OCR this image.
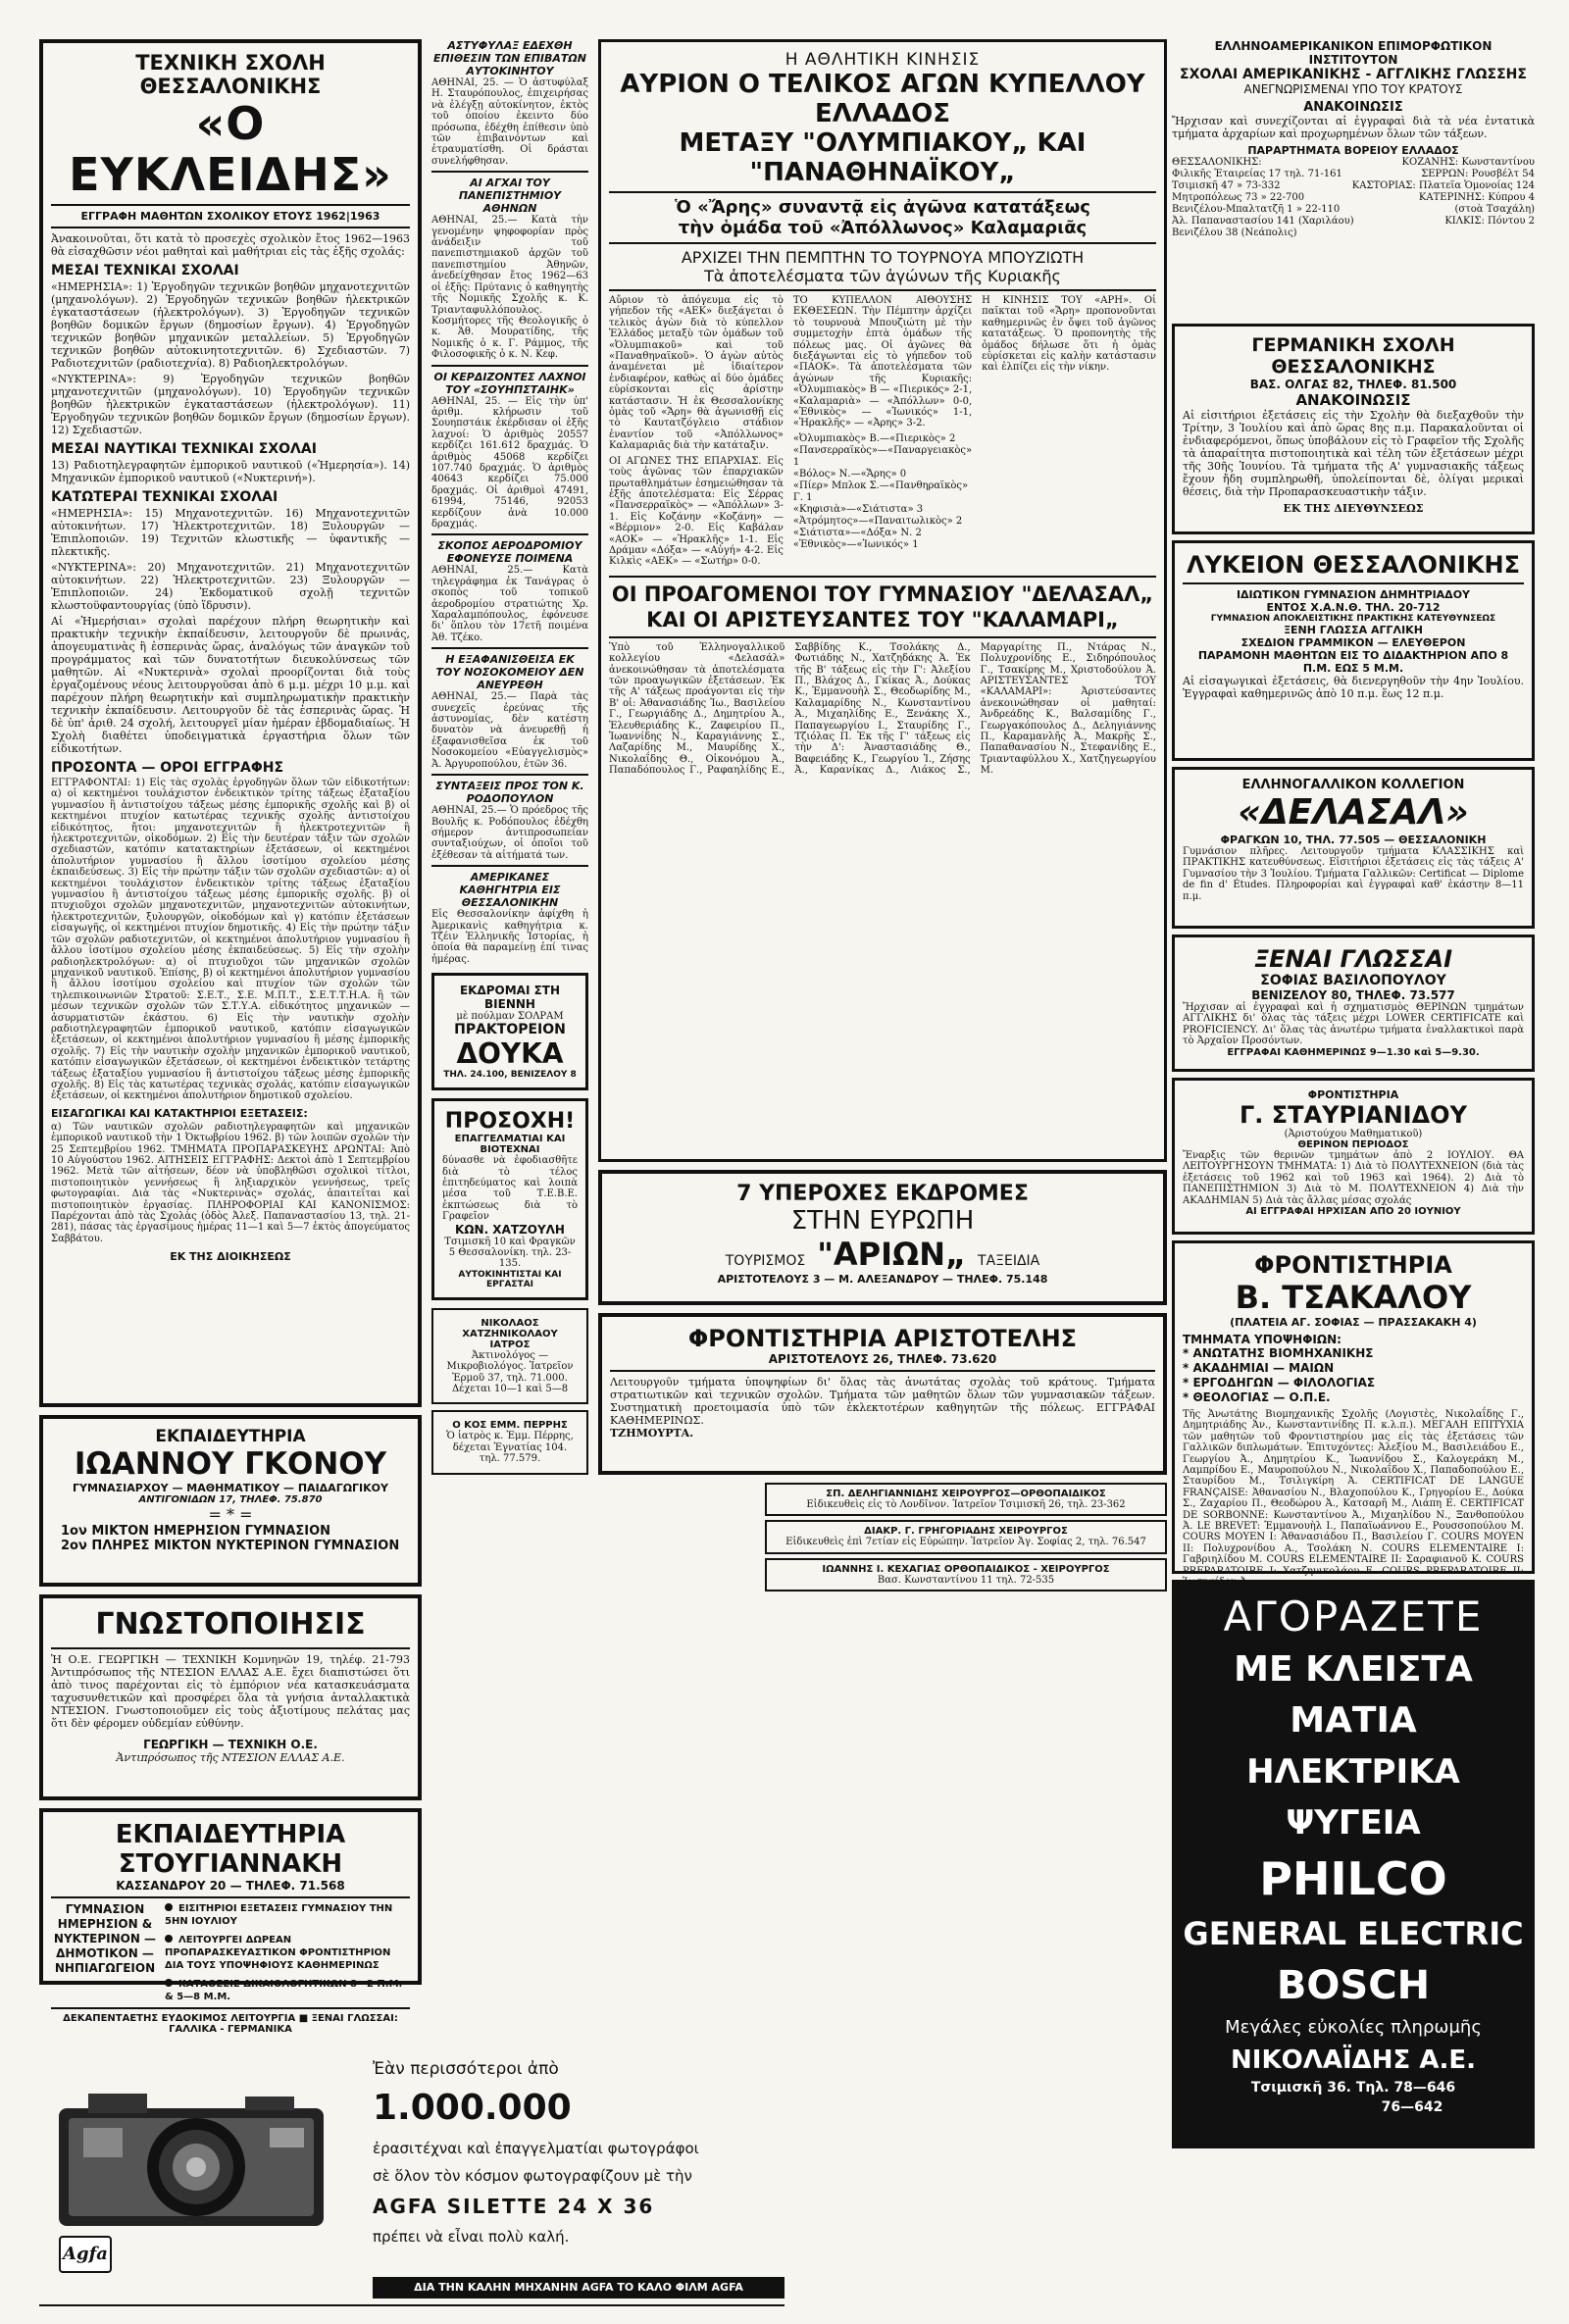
ΤΕΧΝΙΚΗ ΣΧΟΛΗ ΘΕΣΣΑΛΟΝΙΚΗΣ
«Ο ΕΥΚΛΕΙΔΗΣ»
ΕΓΓΡΑΦΗ ΜΑΘΗΤΩΝ ΣΧΟΛΙΚΟΥ ΕΤΟΥΣ 1962|1963
Ἀνακοινοῦται, ὅτι κατὰ τὸ προσεχὲς σχολικὸν ἔτος 1962—1963 θὰ εἰσαχθῶσιν νέοι μαθηταὶ καὶ μαθήτριαι εἰς τὰς ἑξῆς σχολάς:
ΜΕΣΑΙ ΤΕΧΝΙΚΑΙ ΣΧΟΛΑΙ
«ΗΜΕΡΗΣΙΑ»: 1) Ἐργοδηγῶν τεχνικῶν βοηθῶν μηχανοτεχνιτῶν (μηχανολόγων). 2) Ἐργοδηγῶν τεχνικῶν βοηθῶν ἠλεκτρικῶν ἐγκαταστάσεων (ἠλεκτρολόγων). 3) Ἐργοδηγῶν τεχνικῶν βοηθῶν δομικῶν ἔργων (δημοσίων ἔργων). 4) Ἐργοδηγῶν τεχνικῶν βοηθῶν μηχανικῶν μεταλλείων. 5) Ἐργοδηγῶν τεχνικῶν βοηθῶν αὐτοκινητοτεχνιτῶν. 6) Σχεδιαστῶν. 7) Ραδιοτεχνιτῶν (ραδιοτεχνία). 8) Ραδιοηλεκτρολόγων.
«ΝΥΚΤΕΡΙΝΑ»: 9) Ἐργοδηγῶν τεχνικῶν βοηθῶν μηχανοτεχνιτῶν (μηχανολόγων). 10) Ἐργοδηγῶν τεχνικῶν βοηθῶν ἠλεκτρικῶν ἐγκαταστάσεων (ἠλεκτρολόγων). 11) Ἐργοδηγῶν τεχνικῶν βοηθῶν δομικῶν ἔργων (δημοσίων ἔργων). 12) Σχεδιαστῶν.
ΜΕΣΑΙ ΝΑΥΤΙΚΑΙ ΤΕΧΝΙΚΑΙ ΣΧΟΛΑΙ
13) Ραδιοτηλεγραφητῶν ἐμπορικοῦ ναυτικοῦ («Ἡμερησία»). 14) Μηχανικῶν ἐμπορικοῦ ναυτικοῦ («Νυκτερινή»).
ΚΑΤΩΤΕΡΑΙ ΤΕΧΝΙΚΑΙ ΣΧΟΛΑΙ
«ΗΜΕΡΗΣΙΑ»: 15) Μηχανοτεχνιτῶν. 16) Μηχανοτεχνιτῶν αὐτοκινήτων. 17) Ἠλεκτροτεχνιτῶν. 18) Ξυλουργῶν — Ἐπιπλοποιῶν. 19) Τεχνιτῶν κλωστικῆς — ὑφαντικῆς — πλεκτικῆς.
«ΝΥΚΤΕΡΙΝΑ»: 20) Μηχανοτεχνιτῶν. 21) Μηχανοτεχνιτῶν αὐτοκινήτων. 22) Ἠλεκτροτεχνιτῶν. 23) Ξυλουργῶν — Ἐπιπλοποιῶν. 24) Ἐκδοματικοῦ σχολῇ τεχνιτῶν κλωστοϋφαντουργίας (ὑπὸ ἵδρυσιν).
Αἱ «Ἡμερήσιαι» σχολαὶ παρέχουν πλήρη θεωρητικὴν καὶ πρακτικὴν τεχνικὴν ἐκπαίδευσιν, λειτουργοῦν δὲ πρωινάς, ἀπογευματινὰς ἢ ἑσπερινὰς ὥρας, ἀναλόγως τῶν ἀναγκῶν τοῦ προγράμματος καὶ τῶν δυνατοτήτων διευκολύνσεως τῶν μαθητῶν. Αἱ «Νυκτερινὰ» σχολαὶ προορίζονται διὰ τοὺς ἐργαζομένους νέους λειτουργοῦσαι ἀπὸ 6 μ.μ. μέχρι 10 μ.μ. καὶ παρέχουν πλήρη θεωρητικὴν καὶ συμπληρωματικὴν πρακτικὴν τεχνικὴν ἐκπαίδευσιν. Λειτουργοῦν δὲ τὰς ἑσπερινὰς ὥρας. Ἡ δὲ ὑπ' ἀριθ. 24 σχολή, λειτουργεῖ μίαν ἡμέραν ἑβδομαδιαίως. Ἡ Σχολὴ διαθέτει ὑποδειγματικὰ ἐργαστήρια ὅλων τῶν εἰδικοτήτων.
ΠΡΟΣΟΝΤΑ — ΟΡΟΙ ΕΓΓΡΑΦΗΣ
ΕΓΓΡΑΦΟΝΤΑΙ: 1) Εἰς τὰς σχολὰς ἐργοδηγῶν ὅλων τῶν εἰδικοτήτων: α) οἱ κεκτημένοι τουλάχιστον ἐνδεικτικὸν τρίτης τάξεως ἑξαταξίου γυμνασίου ἢ ἀντιστοίχου τάξεως μέσης ἐμπορικῆς σχολῆς καὶ β) οἱ κεκτημένοι πτυχίον κατωτέρας τεχνικῆς σχολῆς ἀντιστοίχου εἰδικότητος, ἤτοι: μηχανοτεχνιτῶν ἢ ἠλεκτροτεχνιτῶν ἢ ἠλεκτροτεχνιτῶν, οἰκοδόμων. 2) Εἰς τὴν δευτέραν τάξιν τῶν σχολῶν σχεδιαστῶν, κατόπιν κατατακτηρίων ἐξετάσεων, οἱ κεκτημένοι ἀπολυτήριον γυμνασίου ἢ ἄλλου ἰσοτίμου σχολείου μέσης ἐκπαιδεύσεως. 3) Εἰς τὴν πρώτην τάξιν τῶν σχολῶν σχεδιαστῶν: α) οἱ κεκτημένοι τουλάχιστον ἐνδεικτικὸν τρίτης τάξεως ἑξαταξίου γυμνασίου ἢ ἀντιστοίχου τάξεως μέσης ἐμπορικῆς σχολῆς. β) οἱ πτυχιοῦχοι σχολῶν μηχανοτεχνιτῶν, μηχανοτεχνιτῶν αὐτοκινήτων, ἠλεκτροτεχνιτῶν, ξυλουργῶν, οἰκοδόμων καὶ γ) κατόπιν ἐξετάσεων εἰσαγωγῆς, οἱ κεκτημένοι πτυχίον δημοτικῆς. 4) Εἰς τὴν πρώτην τάξιν τῶν σχολῶν ραδιοτεχνιτῶν, οἱ κεκτημένοι ἀπολυτήριον γυμνασίου ἢ ἄλλου ἰσοτίμου σχολείου μέσης ἐκπαιδεύσεως. 5) Εἰς τὴν σχολὴν ραδιοηλεκτρολόγων: α) οἱ πτυχιοῦχοι τῶν μηχανικῶν σχολῶν μηχανικοῦ ναυτικοῦ. Ἐπίσης, β) οἱ κεκτημένοι ἀπολυτήριον γυμνασίου ἢ ἄλλου ἰσοτίμου σχολείου καὶ πτυχίον τῶν σχολῶν τῶν τηλεπικοινωνιῶν Στρατοῦ: Σ.Ε.Τ., Σ.Ε. Μ.Π.Τ., Σ.Ε.Τ.Τ.Η.Α. ἢ τῶν μέσων τεχνικῶν σχολῶν τῶν Σ.Τ.Υ.Α. εἰδικότητος μηχανικῶν — ἀσυρματιστῶν ἐκάστου. 6) Εἰς τὴν ναυτικὴν σχολὴν ραδιοτηλεγραφητῶν ἐμπορικοῦ ναυτικοῦ, κατόπιν εἰσαγωγικῶν ἐξετάσεων, οἱ κεκτημένοι ἀπολυτήριον γυμνασίου ἢ μέσης ἐμπορικῆς σχολῆς. 7) Εἰς τὴν ναυτικὴν σχολὴν μηχανικῶν ἐμπορικοῦ ναυτικοῦ, κατόπιν εἰσαγωγικῶν ἐξετάσεων, οἱ κεκτημένοι ἐνδεικτικὸν τετάρτης τάξεως ἑξαταξίου γυμνασίου ἢ ἀντιστοίχου τάξεως μέσης ἐμπορικῆς σχολῆς. 8) Εἰς τὰς κατωτέρας τεχνικὰς σχολάς, κατόπιν εἰσαγωγικῶν ἐξετάσεων, οἱ κεκτημένοι ἀπολυτήριον δημοτικοῦ σχολείου.
ΕΙΣΑΓΩΓΙΚΑΙ ΚΑΙ ΚΑΤΑΚΤΗΡΙΟΙ ΕΞΕΤΑΣΕΙΣ:
α) Τῶν ναυτικῶν σχολῶν ραδιοτηλεγραφητῶν καὶ μηχανικῶν ἐμπορικοῦ ναυτικοῦ τὴν 1 Ὀκτωβρίου 1962. β) τῶν λοιπῶν σχολῶν τὴν 25 Σεπτεμβρίου 1962. ΤΜΗΜΑΤΑ ΠΡΟΠΑΡΑΣΚΕΥΗΣ ΔΡΩΝΤΑΙ: Ἀπὸ 10 Αὐγούστου 1962. ΑΙΤΗΣΕΙΣ ΕΓΓΡΑΦΗΣ: Δεκτοὶ ἀπὸ 1 Σεπτεμβρίου 1962. Μετὰ τῶν αἰτήσεων, δέον νὰ ὑποβληθῶσι σχολικοὶ τίτλοι, πιστοποιητικὸν γεννήσεως ἢ ληξιαρχικὸν γεννήσεως, τρεῖς φωτογραφίαι. Διὰ τὰς «Νυκτερινὰς» σχολάς, ἀπαιτεῖται καὶ πιστοποιητικὸν ἐργασίας. ΠΛΗΡΟΦΟΡΙΑΙ ΚΑΙ ΚΑΝΟΝΙΣΜΟΣ: Παρέχονται ἀπὸ τὰς Σχολὰς (ὁδὸς Ἀλεξ. Παπαναστασίου 13, τηλ. 21-281), πάσας τὰς ἐργασίμους ἡμέρας 11—1 καὶ 5—7 ἐκτὸς ἀπογεύματος Σαββάτου.
ΕΚ ΤΗΣ ΔΙΟΙΚΗΣΕΩΣ
ΕΚΠΑΙΔΕΥΤΗΡΙΑ
ΙΩΑΝΝΟΥ ΓΚΟΝΟΥ
ΓΥΜΝΑΣΙΑΡΧΟΥ — ΜΑΘΗΜΑΤΙΚΟΥ — ΠΑΙΔΑΓΩΓΙΚΟΥ
ΑΝΤΙΓΟΝΙΔΩΝ 17, ΤΗΛΕΦ. 75.870
= * =
1ον ΜΙΚΤΟΝ ΗΜΕΡΗΣΙΟΝ ΓΥΜΝΑΣΙΟΝ
2ον ΠΛΗΡΕΣ ΜΙΚΤΟΝ ΝΥΚΤΕΡΙΝΟΝ ΓΥΜΝΑΣΙΟΝ
ΓΝΩΣΤΟΠΟΙΗΣΙΣ
Ἡ Ο.Ε. ΓΕΩΡΓΙΚΗ — ΤΕΧΝΙΚΗ Κομνηνῶν 19, τηλέφ. 21-793 Ἀντιπρόσωπος τῆς ΝΤΕΣΙΟΝ ΕΛΛΑΣ Α.Ε. ἔχει διαπιστώσει ὅτι ἀπὸ τινος παρέχονται εἰς τὸ ἐμπόριον νέα κατασκευάσματα ταχυσυνθετικῶν καὶ προσφέρει ὅλα τὰ γνήσια ἀνταλλακτικὰ ΝΤΕΣΙΟΝ. Γνωστοποιοῦμεν εἰς τοὺς ἀξιοτίμους πελάτας μας ὅτι δὲν φέρομεν οὐδεμίαν εὐθύνην.
ΓΕΩΡΓΙΚΗ — ΤΕΧΝΙΚΗ Ο.Ε.
Ἀντιπρόσωπος τῆς ΝΤΕΣΙΟΝ ΕΛΛΑΣ Α.Ε.
ΕΚΠΑΙΔΕΥΤΗΡΙΑ ΣΤΟΥΓΙΑΝΝΑΚΗ
ΚΑΣΣΑΝΔΡΟΥ 20 — ΤΗΛΕΦ. 71.568
ΓΥΜΝΑΣΙΟΝ ΗΜΕΡΗΣΙΟΝ & ΝΥΚΤΕΡΙΝΟΝ — ΔΗΜΟΤΙΚΟΝ — ΝΗΠΙΑΓΩΓΕΙΟΝ
ΕΙΣΙΤΗΡΙΟΙ ΕΞΕΤΑΣΕΙΣ ΓΥΜΝΑΣΙΟΥ ΤΗΝ 5ΗΝ ΙΟΥΛΙΟΥ
ΛΕΙΤΟΥΡΓΕΙ ΔΩΡΕΑΝ ΠΡΟΠΑΡΑΣΚΕΥΑΣΤΙΚΟΝ ΦΡΟΝΤΙΣΤΗΡΙΟΝ ΔΙΑ ΤΟΥΣ ΥΠΟΨΗΦΙΟΥΣ ΚΑΘΗΜΕΡΙΝΩΣ
ΚΑΤΑΘΕΣΙΣ ΔΙΚΑΙΟΛΟΓΗΤΙΚΩΝ 8—2 Π.Μ. & 5—8 Μ.Μ.
ΔΕΚΑΠΕΝΤΑΕΤΗΣ ΕΥΔΟΚΙΜΟΣ ΛΕΙΤΟΥΡΓΙΑ ■ ΞΕΝΑΙ ΓΛΩΣΣΑΙ: ΓΑΛΛΙΚΑ - ΓΕΡΜΑΝΙΚΑ
ΑΣΤΥΦΥΛΑΞ ΕΔΕΧΘΗ ΕΠΙΘΕΣΙΝ ΤΩΝ ΕΠΙΒΑΤΩΝ ΑΥΤΟΚΙΝΗΤΟΥ
ΑΘΗΝΑΙ, 25. — Ὁ ἀστυφύλαξ Η. Σταυρόπουλος, ἐπιχειρήσας νὰ ἐλέγξῃ αὐτοκίνητον, ἐκτὸς τοῦ ὁποίου ἐκειντο δύο πρόσωπα, ἐδέχθη ἐπίθεσιν ὑπὸ τῶν ἐπιβαινόντων καὶ ἐτραυματίσθη. Οἱ δράσται συνελήφθησαν.
ΑΙ ΑΓΧΑΙ ΤΟΥ ΠΑΝΕΠΙΣΤΗΜΙΟΥ ΑΘΗΝΩΝ
ΑΘΗΝΑΙ, 25.— Κατὰ τὴν γενομένην ψηφοφορίαν πρὸς ἀνάδειξιν τοῦ πανεπιστημιακοῦ ἀρχῶν τοῦ πανεπιστημίου Ἀθηνῶν, ἀνεδείχθησαν ἔτος 1962—63 οἱ ἑξῆς: Πρύτανις ὁ καθηγητὴς τῆς Νομικῆς Σχολῆς κ. Κ. Τριανταφυλλόπουλος. Κοσμήτορες τῆς Θεολογικῆς ὁ κ. Ἀθ. Μουρατίδης, τῆς Νομικῆς ὁ κ. Γ. Ράμμος, τῆς Φιλοσοφικῆς ὁ κ. Ν. Κεφ.
ΟΙ ΚΕΡΔΙΖΟΝΤΕΣ ΛΑΧΝΟΙ ΤΟΥ «ΣΟΥΗΠΣΤΑΙΗΚ»
ΑΘΗΝΑΙ, 25. — Εἰς τὴν ὑπ' ἀριθμ. κλήρωσιν τοῦ Σουηπστάικ ἐκέρδισαν οἱ ἑξῆς λαχνοί: Ὁ ἀριθμὸς 20557 κερδίζει 161.612 δραχμάς. Ὁ ἀριθμὸς 45068 κερδίζει 107.740 δραχμάς. Ὁ ἀριθμὸς 40643 κερδίζει 75.000 δραχμάς. Οἱ ἀριθμοὶ 47491, 61994, 75146, 92053 κερδίζουν ἀνὰ 10.000 δραχμάς.
ΣΚΟΠΟΣ ΑΕΡΟΔΡΟΜΙΟΥ ΕΦΟΝΕΥΣΕ ΠΟΙΜΕΝΑ
ΑΘΗΝΑΙ, 25.— Κατὰ τηλεγράφημα ἐκ Τανάγρας ὁ σκοπὸς τοῦ τοπικοῦ ἀεροδρομίου στρατιώτης Χρ. Χαραλαμπόπουλος, ἐφόνευσε δι' ὅπλου τὸν 17ετῆ ποιμένα Ἀθ. Τζέκο.
Η ΕΞΑΦΑΝΙΣΘΕΙΣΑ ΕΚ ΤΟΥ ΝΟΣΟΚΟΜΕΙΟΥ ΔΕΝ ΑΝΕΥΡΕΘΗ
ΑΘΗΝΑΙ, 25.— Παρὰ τὰς συνεχεῖς ἐρεύνας τῆς ἀστυνομίας, δὲν κατέστη δυνατὸν νὰ ἀνευρεθῇ ἡ ἐξαφανισθεῖσα ἐκ τοῦ Νοσοκομείου «Εὐαγγελισμὸς» Ἀ. Ἀργυροπούλου, ἐτῶν 36.
ΣΥΝΤΑΞΕΙΣ ΠΡΟΣ ΤΟΝ Κ. ΡΟΔΟΠΟΥΛΟΝ
ΑΘΗΝΑΙ, 25.— Ὁ πρόεδρος τῆς Βουλῆς κ. Ροδόπουλος ἐδέχθη σήμερον ἀντιπροσωπείαν συνταξιούχων, οἱ ὁποῖοι τοῦ ἐξέθεσαν τὰ αἰτήματά των.
ΑΜΕΡΙΚΑΝΕΣ ΚΑΘΗΓΗΤΡΙΑ ΕΙΣ ΘΕΣΣΑΛΟΝΙΚΗΝ
Εἰς Θεσσαλονίκην ἀφίχθη ἡ Ἀμερικανὶς καθηγήτρια κ. Τζέιν Ἑλληνικῆς Ἱστορίας, ἡ ὁποία θὰ παραμείνῃ ἐπί τινας ἡμέρας.
ΕΚΔΡΟΜΑΙ ΣΤΗ ΒΙΕΝΝΗ
μὲ πούλμαν ΣΟΛΡΑΜ
ΠΡΑΚΤΟΡΕΙΟΝ
ΔΟΥΚΑ
ΤΗΛ. 24.100, ΒΕΝΙΖΕΛΟΥ 8
ΠΡΟΣΟΧΗ!
ΕΠΑΓΓΕΛΜΑΤΙΑΙ ΚΑΙ ΒΙΟΤΕΧΝΑΙ
δύνασθε νὰ ἐφοδιασθῆτε διὰ τὸ τέλος ἐπιτηδεύματος καὶ λοιπὰ μέσα τοῦ Τ.Ε.Β.Ε. ἐκπτώσεως διὰ τὸ Γραφεῖον
ΚΩΝ. ΧΑΤΖΟΥΛΗ
Τσιμισκῆ 10 καὶ Φραγκῶν 5 Θεσσαλονίκη. τηλ. 23-135.
ΑΥΤΟΚΙΝΗΤΙΣΤΑΙ ΚΑΙ ΕΡΓΑΣΤΑΙ
ΝΙΚΟΛΑΟΣ ΧΑΤΖΗΝΙΚΟΛΑΟΥ ΙΑΤΡΟΣ
Ἀκτινολόγος — Μικροβιολόγος. Ἰατρεῖον Ἑρμοῦ 37, τηλ. 71.000. Δέχεται 10—1 καὶ 5—8
Ο ΚΟΣ ΕΜΜ. ΠΕΡΡΗΣ
Ὁ ἰατρὸς κ. Ἐμμ. Πέρρης, δέχεται Ἐγνατίας 104. τηλ. 77.579.
Η ΑΘΛΗΤΙΚΗ ΚΙΝΗΣΙΣ
ΑΥΡΙΟΝ Ο ΤΕΛΙΚΟΣ ΑΓΩΝ ΚΥΠΕΛΛΟΥ ΕΛΛΑΔΟΣ
ΜΕΤΑΞΥ "ΟΛΥΜΠΙΑΚΟΥ„ ΚΑΙ "ΠΑΝΑΘΗΝΑΪΚΟΥ„
Ὁ «Ἄρης» συναντᾷ εἰς ἀγῶνα κατατάξεως
τὴν ὁμάδα τοῦ «Ἀπόλλωνος» Καλαμαριᾶς
ΑΡΧΙΖΕΙ ΤΗΝ ΠΕΜΠΤΗΝ ΤΟ ΤΟΥΡΝΟΥΑ ΜΠΟΥΖΙΩΤΗ
Τὰ ἀποτελέσματα τῶν ἀγώνων τῆς Κυριακῆς
Αὔριον τὸ ἀπόγευμα εἰς τὸ γήπεδον τῆς «ΑΕΚ» διεξάγεται ὁ τελικὸς ἀγὼν διὰ τὸ κύπελλον Ἑλλάδος μεταξὺ τῶν ὁμάδων τοῦ «Ὀλυμπιακοῦ» καὶ τοῦ «Παναθηναϊκοῦ». Ὁ ἀγὼν αὐτὸς ἀναμένεται μὲ ἰδιαίτερον ἐνδιαφέρον, καθὼς αἱ δύο ὁμάδες εὑρίσκονται εἰς ἀρίστην κατάστασιν. Ἡ ἐκ Θεσσαλονίκης ὁμὰς τοῦ «Ἄρη» θὰ ἀγωνισθῇ εἰς τὸ Καυτατζόγλειο στάδιον ἐναντίον τοῦ «Ἀπόλλωνος» Καλαμαριᾶς διὰ τὴν κατάταξιν.
ΟΙ ΑΓΩΝΕΣ ΤΗΣ ΕΠΑΡΧΙΑΣ. Εἰς τοὺς ἀγῶνας τῶν ἐπαρχιακῶν πρωταθλημάτων ἐσημειώθησαν τὰ ἑξῆς ἀποτελέσματα: Εἰς Σέρρας «Πανσερραϊκὸς» — «Ἀπόλλων» 3-1. Εἰς Κοζάνην «Κοζάνη» — «Βέρμιον» 2-0. Εἰς Καβάλαν «ΑΟΚ» — «Ἡρακλῆς» 1-1. Εἰς Δράμαν «Δόξα» — «Αὐγή» 4-2. Εἰς Κιλκὶς «ΑΕΚ» — «Σωτήρ» 0-0.
ΤΟ ΚΥΠΕΛΛΟΝ ΑΙΘΟΥΣΗΣ ΕΚΘΕΣΕΩΝ. Τὴν Πέμπτην ἀρχίζει τὸ τουρνουὰ Μπουζιώτη μὲ τὴν συμμετοχὴν ἑπτὰ ὁμάδων τῆς πόλεως μας. Οἱ ἀγῶνες θὰ διεξάγωνται εἰς τὸ γήπεδον τοῦ «ΠΑΟΚ». Τὰ ἀποτελέσματα τῶν ἀγώνων τῆς Κυριακῆς: «Ὀλυμπιακὸς» Β — «Πιερικός» 2-1, «Καλαμαριὰ» — «Ἀπόλλων» 0-0, «Ἐθνικὸς» — «Ἰωνικός» 1-1, «Ἡρακλῆς» — «Ἀρης» 3-2.
«Ὀλυμπιακὸς» Β.—«Πιερικὸς» 2
«Πανσερραϊκὸς»—«Παναργειακὸς» 1
«Βόλος» Ν.—«Ἄρης» 0
«Πίερ» Μπλοκ Σ.—«Πανθηραϊκὸς» Γ. 1
«Κηφισιὰ»—«Σιάτιστα» 3
«Ἀτρόμητος»—«Παναιτωλικὸς» 2
«Σιάτιστα»—«Δόξα» Ν. 2
«Ἐθνικὸς»—«Ἰωνικός» 1
Η ΚΙΝΗΣΙΣ ΤΟΥ «ΑΡΗ». Οἱ παῖκται τοῦ «Ἄρη» προπονοῦνται καθημερινῶς ἐν ὄψει τοῦ ἀγῶνος κατατάξεως. Ὁ προπονητὴς τῆς ὁμάδος δήλωσε ὅτι ἡ ὁμὰς εὑρίσκεται εἰς καλὴν κατάστασιν καὶ ἐλπίζει εἰς τὴν νίκην.
ΟΙ ΠΡΟΑΓΟΜΕΝΟΙ ΤΟΥ ΓΥΜΝΑΣΙΟΥ "ΔΕΛΑΣΑΛ„
ΚΑΙ ΟΙ ΑΡΙΣΤΕΥΣΑΝΤΕΣ ΤΟΥ "ΚΑΛΑΜΑΡΙ„
Ὑπὸ τοῦ Ἑλληνογαλλικοῦ κολλεγίου «Δελασάλ» ἀνεκοινώθησαν τὰ ἀποτελέσματα τῶν προαγωγικῶν ἐξετάσεων. Ἐκ τῆς Α' τάξεως προάγονται εἰς τὴν Β' οἱ: Ἀθανασιάδης Ἰω., Βασιλείου Γ., Γεωργιάδης Δ., Δημητρίου Ἀ., Ἐλευθεριάδης Κ., Ζαφειρίου Π., Ἰωαννίδης Ν., Καραγιάννης Σ., Λαζαρίδης Μ., Μαυρίδης Χ., Νικολαΐδης Θ., Οἰκονόμου Ἀ., Παπαδόπουλος Γ., Ραφαηλίδης Ε., Σαββίδης Κ., Τσολάκης Δ., Φωτιάδης Ν., Χατζηδάκης Ἀ. Ἐκ τῆς Β' τάξεως εἰς τὴν Γ': Ἀλεξίου Π., Βλάχος Δ., Γκίκας Ἀ., Δούκας Κ., Ἐμμανουὴλ Σ., Θεοδωρίδης Μ., Καλαμαρίδης Ν., Κωνσταντίνου Ἀ., Μιχαηλίδης Ε., Ξενάκης Χ., Παπαγεωργίου Ι., Σταυρίδης Γ., Τζιόλας Π. Ἐκ τῆς Γ' τάξεως εἰς τὴν Δ': Ἀναστασιάδης Θ., Βαφειάδης Κ., Γεωργίου Ἰ., Ζήσης Ἀ., Καρανίκας Δ., Λιάκος Σ., Μαργαρίτης Π., Ντάρας Ν., Πολυχρονίδης Ε., Σιδηρόπουλος Γ., Τσακίρης Μ., Χριστοδούλου Ἀ. ΑΡΙΣΤΕΥΣΑΝΤΕΣ ΤΟΥ «ΚΑΛΑΜΑΡΙ»: Ἀριστεύσαντες ἀνεκοινώθησαν οἱ μαθηταί: Ἀνδρεάδης Κ., Βαλσαμίδης Γ., Γεωργακόπουλος Δ., Δεληγιάννης Π., Καραμανλῆς Ἀ., Μακρῆς Σ., Παπαθανασίου Ν., Στεφανίδης Ε., Τριανταφύλλου Χ., Χατζηγεωργίου Μ.
7 ΥΠΕΡΟΧΕΣ ΕΚΔΡΟΜΕΣ
ΣΤΗΝ ΕΥΡΩΠΗ
ΤΟΥΡΙΣΜΟΣ "ΑΡΙΩΝ„ ΤΑΞΕΙΔΙΑ
ΑΡΙΣΤΟΤΕΛΟΥΣ 3 — Μ. ΑΛΕΞΑΝΔΡΟΥ — ΤΗΛΕΦ. 75.148
ΦΡΟΝΤΙΣΤΗΡΙΑ ΑΡΙΣΤΟΤΕΛΗΣ
ΑΡΙΣΤΟΤΕΛΟΥΣ 26, ΤΗΛΕΦ. 73.620
Λειτουργοῦν τμήματα ὑποψηφίων δι' ὅλας τὰς ἀνωτάτας σχολὰς τοῦ κράτους. Τμήματα στρατιωτικῶν καὶ τεχνικῶν σχολῶν. Τμήματα τῶν μαθητῶν ὅλων τῶν γυμνασιακῶν τάξεων. Συστηματικὴ προετοιμασία ὑπὸ τῶν ἐκλεκτοτέρων καθηγητῶν τῆς πόλεως. ΕΓΓΡΑΦΑΙ ΚΑΘΗΜΕΡΙΝΩΣ.
ΤΖΗΜΟΥΡΤΑ.
ΣΠ. ΔΕΛΗΓΙΑΝΝΙΔΗΣ ΧΕΙΡΟΥΡΓΟΣ—ΟΡΘΟΠΑΙΔΙΚΟΣ
Εἰδικευθεὶς εἰς τὸ Λονδῖνον. Ἰατρεῖον Τσιμισκῆ 26, τηλ. 23-362
ΔΙΑΚΡ. Γ. ΓΡΗΓΟΡΙΑΔΗΣ ΧΕΙΡΟΥΡΓΟΣ
Εἰδικευθεὶς ἐπὶ 7ετίαν εἰς Εὐρώπην. Ἰατρεῖον Ἀγ. Σοφίας 2, τηλ. 76.547
ΙΩΑΝΝΗΣ Ι. ΚΕΧΑΓΙΑΣ ΟΡΘΟΠΑΙΔΙΚΟΣ - ΧΕΙΡΟΥΡΓΟΣ
Βασ. Κωνσταντίνου 11 τηλ. 72-535
ΕΛΛΗΝΟΑΜΕΡΙΚΑΝΙΚΟΝ ΕΠΙΜΟΡΦΩΤΙΚΟΝ ΙΝΣΤΙΤΟΥΤΟΝ
ΣΧΟΛΑΙ ΑΜΕΡΙΚΑΝΙΚΗΣ - ΑΓΓΛΙΚΗΣ ΓΛΩΣΣΗΣ
ΑΝΕΓΝΩΡΙΣΜΕΝΑΙ ΥΠΟ ΤΟΥ ΚΡΑΤΟΥΣ
ΑΝΑΚΟΙΝΩΣΙΣ
Ἤρχισαν καὶ συνεχίζονται αἱ ἐγγραφαὶ διὰ τὰ νέα ἐντατικὰ τμήματα ἀρχαρίων καὶ προχωρημένων ὅλων τῶν τάξεων.
ΠΑΡΑΡΤΗΜΑΤΑ ΒΟΡΕΙΟΥ ΕΛΛΑΔΟΣ
ΘΕΣΣΑΛΟΝΙΚΗΣ:	ΚΟΖΑΝΗΣ: Κωνσταντίνου
Φιλικῆς Ἑταιρείας 17 τηλ. 71-161	ΣΕΡΡΩΝ: Ρουσβέλτ 54
Τσιμισκῆ 47 » 73-332	ΚΑΣΤΟΡΙΑΣ: Πλατεῖα Ὁμονοίας 124
Μητροπόλεως 73 » 22-700	ΚΑΤΕΡΙΝΗΣ: Κύπρου 4
Βενιζέλου-Μπαλτατζῆ 1 » 22-110	(στοὰ Τσαχάλη)
Ἀλ. Παπαναστασίου 141 (Χαριλάου)	ΚΙΛΚΙΣ: Πόντου 2
Βενιζέλου 38 (Νεάπολις)
ΓΕΡΜΑΝΙΚΗ ΣΧΟΛΗ ΘΕΣΣΑΛΟΝΙΚΗΣ
ΒΑΣ. ΟΛΓΑΣ 82, ΤΗΛΕΦ. 81.500
ΑΝΑΚΟΙΝΩΣΙΣ
Αἱ εἰσιτήριοι ἐξετάσεις εἰς τὴν Σχολὴν θὰ διεξαχθοῦν τὴν Τρίτην, 3 Ἰουλίου καὶ ἀπὸ ὥρας 8ης π.μ. Παρακαλοῦνται οἱ ἐνδιαφερόμενοι, ὅπως ὑποβάλουν εἰς τὸ Γραφεῖον τῆς Σχολῆς τὰ ἀπαραίτητα πιστοποιητικὰ καὶ τέλη τῶν ἐξετάσεων μέχρι τῆς 30ῆς Ἰουνίου. Τὰ τμήματα τῆς Α' γυμνασιακῆς τάξεως ἔχουν ἤδη συμπληρωθῆ, ὑπολείπονται δὲ, ὀλίγαι μερικαὶ θέσεις, διὰ τὴν Προπαρασκευαστικὴν τάξιν.
ΕΚ ΤΗΣ ΔΙΕΥΘΥΝΣΕΩΣ
ΛΥΚΕΙΟΝ ΘΕΣΣΑΛΟΝΙΚΗΣ
ΙΔΙΩΤΙΚΟΝ ΓΥΜΝΑΣΙΟΝ ΔΗΜΗΤΡΙΑΔΟΥ
ΕΝΤΟΣ Χ.Α.Ν.Θ. ΤΗΛ. 20-712
ΓΥΜΝΑΣΙΟΝ ΑΠΟΚΛΕΙΣΤΙΚΗΣ ΠΡΑΚΤΙΚΗΣ ΚΑΤΕΥΘΥΝΣΕΩΣ
ΞΕΝΗ ΓΛΩΣΣΑ ΑΓΓΛΙΚΗ
ΣΧΕΔΙΟΝ ΓΡΑΜΜΙΚΟΝ — ΕΛΕΥΘΕΡΟΝ
ΠΑΡΑΜΟΝΗ ΜΑΘΗΤΩΝ ΕΙΣ ΤΟ ΔΙΔΑΚΤΗΡΙΟΝ ΑΠΟ 8 Π.Μ. ΕΩΣ 5 Μ.Μ.
Αἱ εἰσαγωγικαὶ ἐξετάσεις, θὰ διενεργηθοῦν τὴν 4ην Ἰουλίου. Ἐγγραφαὶ καθημερινῶς ἀπὸ 10 π.μ. ἕως 12 π.μ.
ΕΛΛΗΝΟΓΑΛΛΙΚΟΝ ΚΟΛΛΕΓΙΟΝ
«ΔΕΛΑΣΑΛ»
ΦΡΑΓΚΩΝ 10, ΤΗΛ. 77.505 — ΘΕΣΣΑΛΟΝΙΚΗ
Γυμνάσιον πλῆρες. Λειτουργοῦν τμήματα ΚΛΑΣΣΙΚΗΣ καὶ ΠΡΑΚΤΙΚΗΣ κατευθύνσεως. Εἰσιτήριοι ἐξετάσεις εἰς τὰς τάξεις Α' Γυμνασίου τὴν 3 Ἰουλίου. Τμήματα Γαλλικῶν: Certificat — Diplome de fin d' Études. Πληροφορίαι καὶ ἐγγραφαὶ καθ' ἑκάστην 8—11 π.μ.
ΞΕΝΑΙ ΓΛΩΣΣΑΙ
ΣΟΦΙΑΣ ΒΑΣΙΛΟΠΟΥΛΟΥ
ΒΕΝΙΖΕΛΟΥ 80, ΤΗΛΕΦ. 73.577
Ἤρχισαν αἱ ἐγγραφαὶ καὶ ἡ σχηματισμὸς ΘΕΡΙΝΩΝ τμημάτων ΑΓΓΛΙΚΗΣ δι' ὅλας τὰς τάξεις μέχρι LOWER CERTIFICATE καὶ PROFICIENCY. Δι' ὅλας τὰς ἀνωτέρω τμήματα ἐναλλακτικοὶ παρὰ τὸ Ἀρχαῖον Προσόντων.
ΕΓΓΡΑΦΑΙ ΚΑΘΗΜΕΡΙΝΩΣ 9—1.30 καὶ 5—9.30.
ΦΡΟΝΤΙΣΤΗΡΙΑ
Γ. ΣΤΑΥΡΙΑΝΙΔΟΥ
(Ἀριστούχου Μαθηματικοῦ)
ΘΕΡΙΝΟΝ ΠΕΡΙΟΔΟΣ
Ἔναρξις τῶν θερινῶν τμημάτων ἀπὸ 2 ΙΟΥΛΙΟΥ. ΘΑ ΛΕΙΤΟΥΡΓΗΣΟΥΝ ΤΜΗΜΑΤΑ: 1) Διὰ τὸ ΠΟΛΥΤΕΧΝΕΙΟΝ (διὰ τὰς ἐξετάσεις τοῦ 1962 καὶ τοῦ 1963 καὶ 1964). 2) Διὰ τὸ ΠΑΝΕΠΙΣΤΗΜΙΟΝ 3) Διὰ τὸ Μ. ΠΟΛΥΤΕΧΝΕΙΟΝ 4) Διὰ τὴν ΑΚΑΔΗΜΙΑΝ 5) Διὰ τὰς ἄλλας μέσας σχολάς
ΑΙ ΕΓΓΡΑΦΑΙ ΗΡΧΙΣΑΝ ΑΠΟ 20 ΙΟΥΝΙΟΥ
ΦΡΟΝΤΙΣΤΗΡΙΑ
Β. ΤΣΑΚΑΛΟΥ
(ΠΛΑΤΕΙΑ ΑΓ. ΣΟΦΙΑΣ — ΠΡΑΣΣΑΚΑΚΗ 4)
ΤΜΗΜΑΤΑ ΥΠΟΨΗΦΙΩΝ:
* ΑΝΩΤΑΤΗΣ ΒΙΟΜΗΧΑΝΙΚΗΣ
* ΑΚΑΔΗΜΙΑΙ — ΜΑΙΩΝ
* ΕΡΓΟΔΗΓΩΝ — ΦΙΛΟΛΟΓΙΑΣ
* ΘΕΟΛΟΓΙΑΣ — Ο.Π.Ε.
Τῆς Ἀνωτάτης Βιομηχανικῆς Σχολῆς (Λογιστὲς, Νικολαΐδης Γ., Δημητριάδης Ἀν., Κωνσταντινίδης Π. κ.λ.π.). ΜΕΓΑΛΗ ΕΠΙΤΥΧΙΑ τῶν μαθητῶν τοῦ Φροντιστηρίου μας εἰς τὰς ἐξετάσεις τῶν Γαλλικῶν διπλωμάτων. Ἐπιτυχόντες: Ἀλεξίου Μ., Βασιλειάδου Ε., Γεωργίου Ἀ., Δημητρίου Κ., Ἰωαννίδου Σ., Καλογεράκη Μ., Λαμπρίδου Ε., Μαυροπούλου Ν., Νικολαΐδου Χ., Παπαδοπούλου Ε., Σταυρίδου Μ., Τσιλιγκίρη Ἀ. CERTIFICAT DE LANGUE FRANÇAISE: Ἀθανασίου Ν., Βλαχοπούλου Κ., Γρηγορίου Ε., Δούκα Σ., Ζαχαρίου Π., Θεοδώρου Ἀ., Κατσαρῆ Μ., Λιάπη Ε. CERTIFICAT DE SORBONNE: Κωνσταντίνου Ἀ., Μιχαηλίδου Ν., Ξανθοπούλου Ἀ. LE BREVET: Ἐμμανουὴλ Ι., Παπαϊωάννου Ε., Ρουσσοπούλου Μ. COURS MOYEN I: Ἀθανασιάδου Π., Βασιλείου Γ. COURS MOYEN II: Πολυχρονίδου Α., Τσολάκη Ν. COURS ELEMENTAIRE I: Γαβριηλίδου Μ. COURS ELEMENTAIRE II: Σαραφιανοῦ Κ. COURS PREPARATOIRE I: Χατζηνικολάου Ε. COURS PREPARATOIRE II: Ἰωσηφίδου Ἀ.
ΑΓΟΡΑΖΕΤΕ
ΜΕ ΚΛΕΙΣΤΑ ΜΑΤΙΑ
ΗΛΕΚΤΡΙΚΑ ΨΥΓΕΙΑ
PHILCO
GENERAL ELECTRIC
BOSCH
Μεγάλες εὐκολίες πληρωμῆς
ΝΙΚΟΛΑΪΔΗΣ Α.Ε.
Τσιμισκῆ 36. Τηλ. 78—646
76—642
Agfa
Ἐὰν περισσότεροι ἀπὸ
1.000.000
ἐρασιτέχναι καὶ ἐπαγγελματίαι φωτογράφοι
σὲ ὅλον τὸν κόσμον φωτογραφίζουν μὲ τὴν
AGFA SILETTE 24 X 36
πρέπει νὰ εἶναι πολὺ καλή.
ΔΙΑ ΤΗΝ ΚΑΛΗΝ ΜΗΧΑΝΗΝ AGFA ΤΟ ΚΑΛΟ ΦΙΛΜ AGFA
